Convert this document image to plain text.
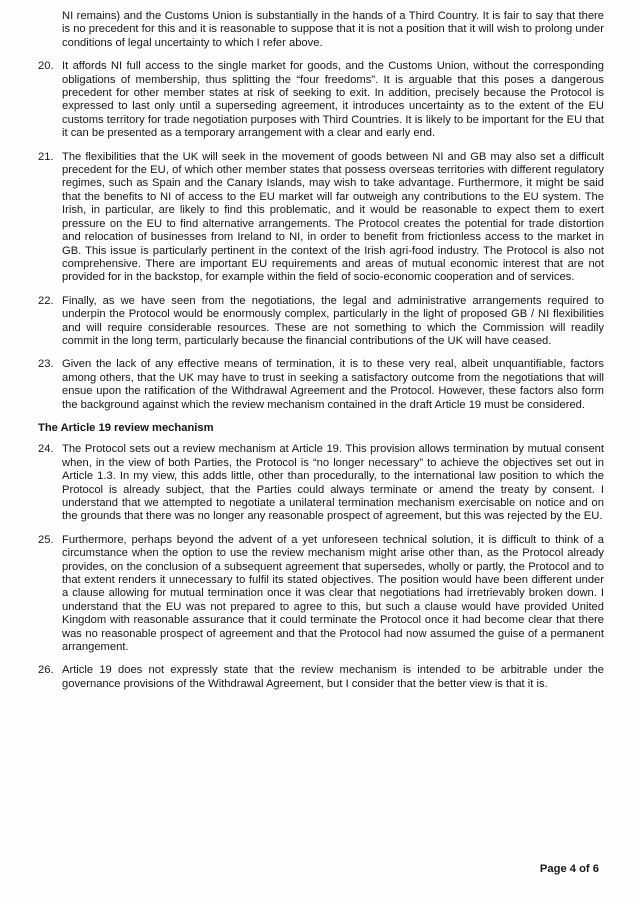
NI remains) and the Customs Union is substantially in the hands of a Third Country. It is fair to say that there is no precedent for this and it is reasonable to suppose that it is not a position that it will wish to prolong under conditions of legal uncertainty to which I refer above.

20. It affords NI full access to the single market for goods, and the Customs Union, without the corresponding obligations of membership, thus splitting the “four freedoms”. It is arguable that this poses a dangerous precedent for other member states at risk of seeking to exit. In addition, precisely because the Protocol is expressed to last only until a superseding agreement, it introduces uncertainty as to the extent of the EU customs territory for trade negotiation purposes with Third Countries. It is likely to be important for the EU that it can be presented as a temporary arrangement with a clear and early end.
21. The flexibilities that the UK will seek in the movement of goods between NI and GB may also set a difficult precedent for the EU, of which other member states that possess overseas territories with different regulatory regimes, such as Spain and the Canary Islands, may wish to take advantage. Furthermore, it might be said that the benefits to NI of access to the EU market will far outweigh any contributions to the EU system. The Irish, in particular, are likely to find this problematic, and it would be reasonable to expect them to exert pressure on the EU to find alternative arrangements. The Protocol creates the potential for trade distortion and relocation of businesses from Ireland to NI, in order to benefit from frictionless access to the market in GB. This issue is particularly pertinent in the context of the Irish agri-food industry. The Protocol is also not comprehensive. There are important EU requirements and areas of mutual economic interest that are not provided for in the backstop, for example within the field of socio-economic cooperation and of services.
22. Finally, as we have seen from the negotiations, the legal and administrative arrangements required to underpin the Protocol would be enormously complex, particularly in the light of proposed GB / NI flexibilities and will require considerable resources. These are not something to which the Commission will readily commit in the long term, particularly because the financial contributions of the UK will have ceased.
23. Given the lack of any effective means of termination, it is to these very real, albeit unquantifiable, factors among others, that the UK may have to trust in seeking a satisfactory outcome from the negotiations that will ensue upon the ratification of the Withdrawal Agreement and the Protocol. However, these factors also form the background against which the review mechanism contained in the draft Article 19 must be considered.

The Article 19 review mechanism

24. The Protocol sets out a review mechanism at Article 19. This provision allows termination by mutual consent when, in the view of both Parties, the Protocol is “no longer necessary” to achieve the objectives set out in Article 1.3. In my view, this adds little, other than procedurally, to the international law position to which the Protocol is already subject, that the Parties could always terminate or amend the treaty by consent. I understand that we attempted to negotiate a unilateral termination mechanism exercisable on notice and on the grounds that there was no longer any reasonable prospect of agreement, but this was rejected by the EU.
25. Furthermore, perhaps beyond the advent of a yet unforeseen technical solution, it is difficult to think of a circumstance when the option to use the review mechanism might arise other than, as the Protocol already provides, on the conclusion of a subsequent agreement that supersedes, wholly or partly, the Protocol and to that extent renders it unnecessary to fulfil its stated objectives. The position would have been different under a clause allowing for mutual termination once it was clear that negotiations had irretrievably broken down. I understand that the EU was not prepared to agree to this, but such a clause would have provided United Kingdom with reasonable assurance that it could terminate the Protocol once it had become clear that there was no reasonable prospect of agreement and that the Protocol had now assumed the guise of a permanent arrangement.
26. Article 19 does not expressly state that the review mechanism is intended to be arbitrable under the governance provisions of the Withdrawal Agreement, but I consider that the better view is that it is.
Page 4 of 6
